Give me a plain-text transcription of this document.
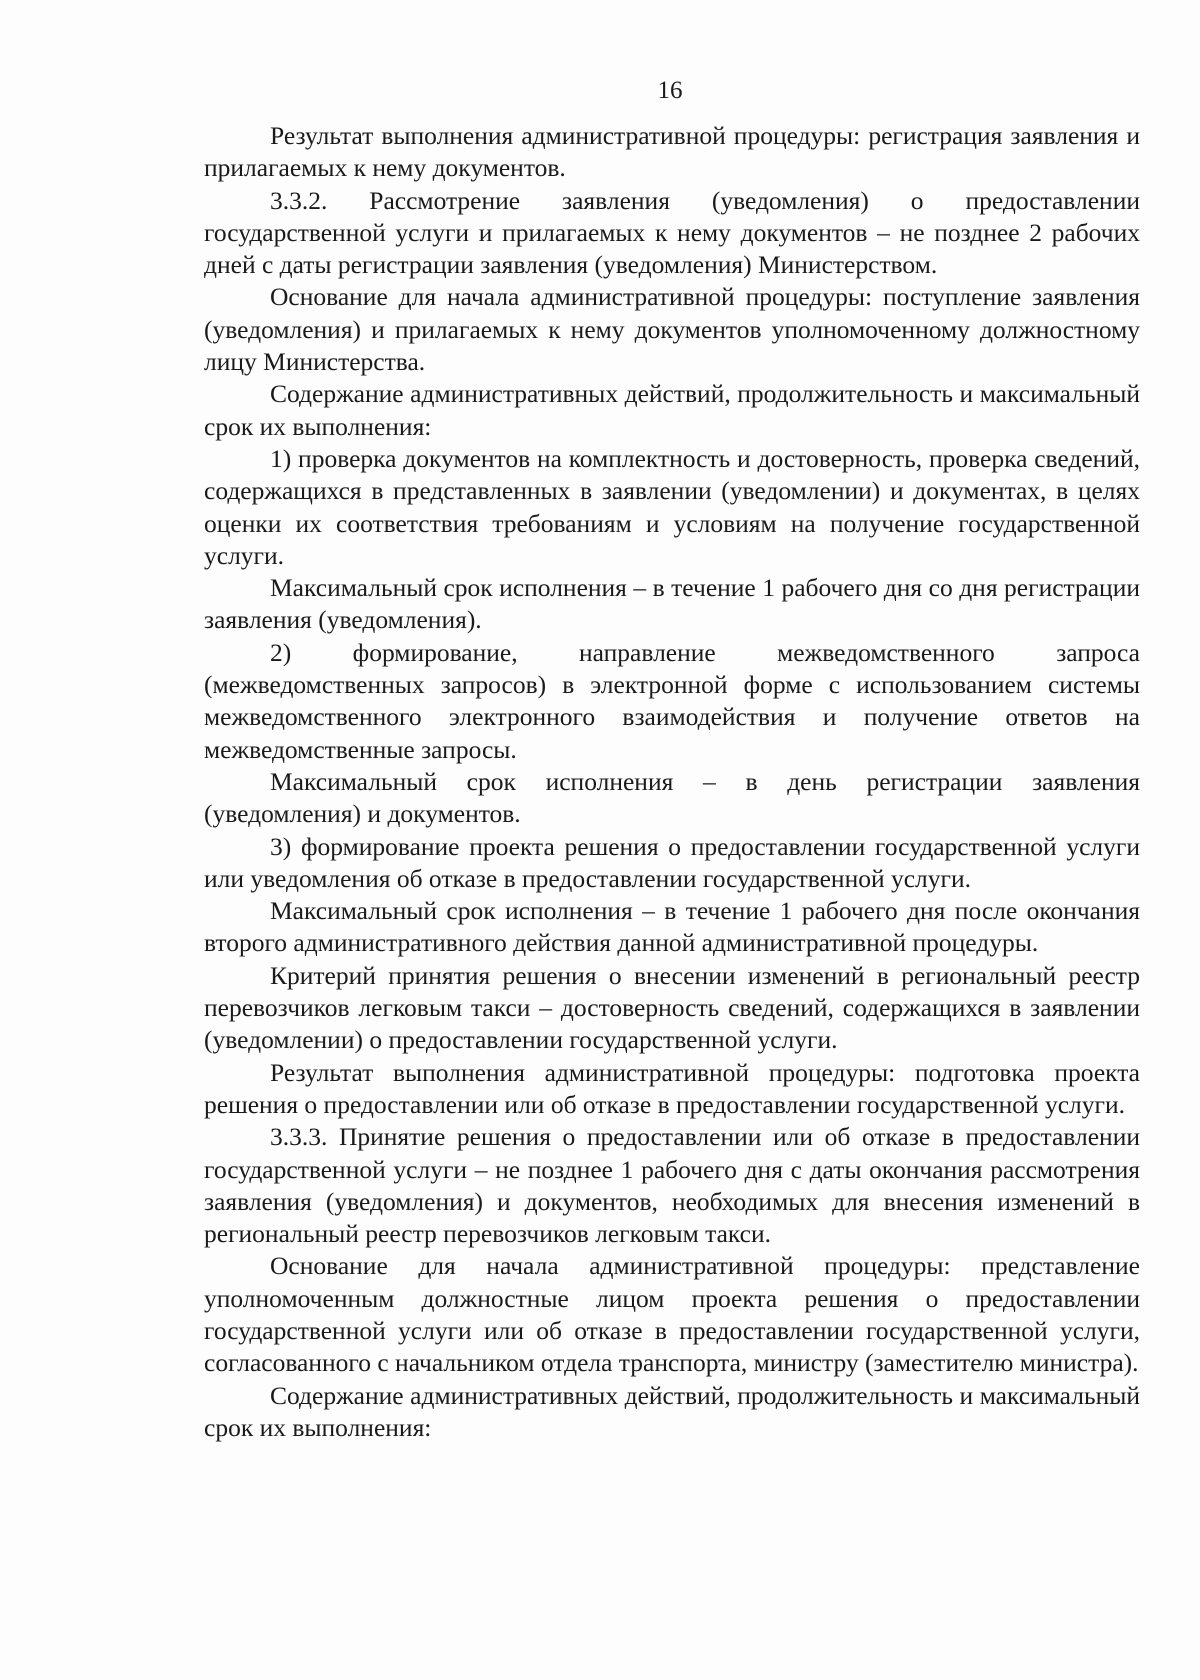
16

Результат выполнения административной процедуры: регистрация заявления и прилагаемых к нему документов.

3.3.2. Рассмотрение заявления (уведомления) о предоставлении государственной услуги и прилагаемых к нему документов – не позднее 2 рабочих дней с даты регистрации заявления (уведомления) Министерством.

Основание для начала административной процедуры: поступление заявления (уведомления) и прилагаемых к нему документов уполномоченному должностному лицу Министерства.

Содержание административных действий, продолжительность и максимальный срок их выполнения:

1) проверка документов на комплектность и достоверность, проверка сведений, содержащихся в представленных в заявлении (уведомлении) и документах, в целях оценки их соответствия требованиям и условиям на получение государственной услуги.

Максимальный срок исполнения – в течение 1 рабочего дня со дня регистрации заявления (уведомления).

2) формирование, направление межведомственного запроса (межведомственных запросов) в электронной форме с использованием системы межведомственного электронного взаимодействия и получение ответов на межведомственные запросы.

Максимальный срок исполнения – в день регистрации заявления (уведомления) и документов.

3) формирование проекта решения о предоставлении государственной услуги или уведомления об отказе в предоставлении государственной услуги.

Максимальный срок исполнения – в течение 1 рабочего дня после окончания второго административного действия данной административной процедуры.

Критерий принятия решения о внесении изменений в региональный реестр перевозчиков легковым такси – достоверность сведений, содержащихся в заявлении (уведомлении) о предоставлении государственной услуги.

Результат выполнения административной процедуры: подготовка проекта решения о предоставлении или об отказе в предоставлении государственной услуги.

3.3.3. Принятие решения о предоставлении или об отказе в предоставлении государственной услуги – не позднее 1 рабочего дня с даты окончания рассмотрения заявления (уведомления) и документов, необходимых для внесения изменений в региональный реестр перевозчиков легковым такси.

Основание для начала административной процедуры: представление уполномоченным должностные лицом проекта решения о предоставлении государственной услуги или об отказе в предоставлении государственной услуги, согласованного с начальником отдела транспорта, министру (заместителю министра).

Содержание административных действий, продолжительность и максимальный срок их выполнения:
